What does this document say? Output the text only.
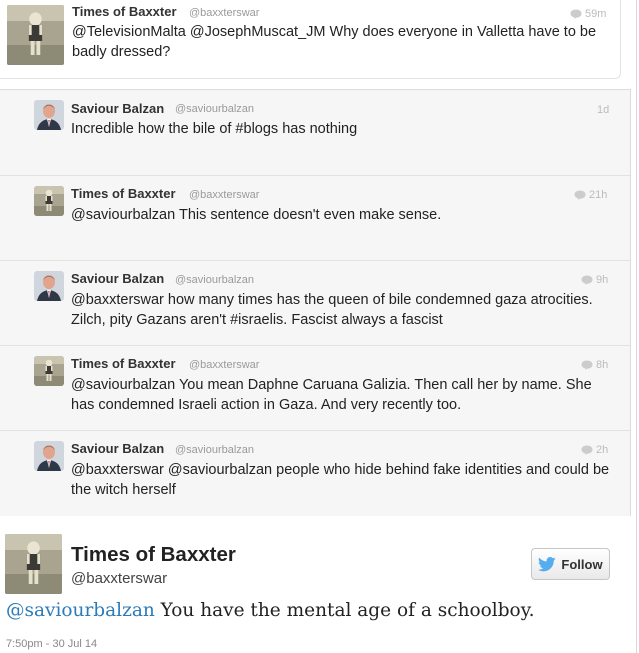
Times of Baxxter @baxxterswar	59m
@TelevisionMalta @JosephMuscat_JM Why does everyone in Valletta have to be badly dressed?
Saviour Balzan @saviourbalzan	1d
Incredible how the bile of #blogs has nothing
Times of Baxxter @baxxterswar	21h
@saviourbalzan This sentence doesn't even make sense.
Saviour Balzan @saviourbalzan	9h
@baxxterswar how many times has the queen of bile condemned gaza atrocities. Zilch, pity Gazans aren't #israelis. Fascist always a fascist
Times of Baxxter @baxxterswar	8h
@saviourbalzan You mean Daphne Caruana Galizia. Then call her by name. She has condemned Israeli action in Gaza. And very recently too.
Saviour Balzan @saviourbalzan	2h
@baxxterswar @saviourbalzan people who hide behind fake identities and could be the witch herself
Times of Baxxter
@baxxterswar
Follow
@saviourbalzan You have the mental age of a schoolboy.
7:50pm - 30 Jul 14
